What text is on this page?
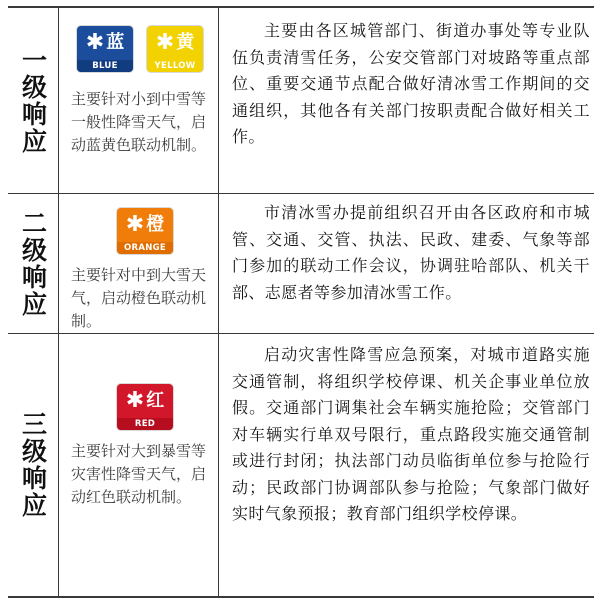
一级响应
✱ 蓝
BLUE
✱ 黄
YELLOW
主要针对小到中雪等一般性降雪天气，启动蓝黄色联动机制。

主要由各区城管部门、街道办事处等专业队伍负责清雪任务，公安交管部门对坡路等重点部位、重要交通节点配合做好清冰雪工作期间的交通组织，其他各有关部门按职责配合做好相关工作。

二级响应	✱ 橙
ORANGE
主要针对中到大雪天气，启动橙色联动机制。

市清冰雪办提前组织召开由各区政府和市城管、交通、交管、执法、民政、建委、气象等部门参加的联动工作会议，协调驻哈部队、机关干部、志愿者等参加清冰雪工作。

三级响应
✱ 红
RED
主要针对大到暴雪等灾害性降雪天气，启动红色联动机制。

启动灾害性降雪应急预案，对城市道路实施交通管制，将组织学校停课、机关企事业单位放假。交通部门调集社会车辆实施抢险；交管部门对车辆实行单双号限行，重点路段实施交通管制或进行封闭；执法部门动员临街单位参与抢险行动；民政部门协调部队参与抢险；气象部门做好实时气象预报；教育部门组织学校停课。
